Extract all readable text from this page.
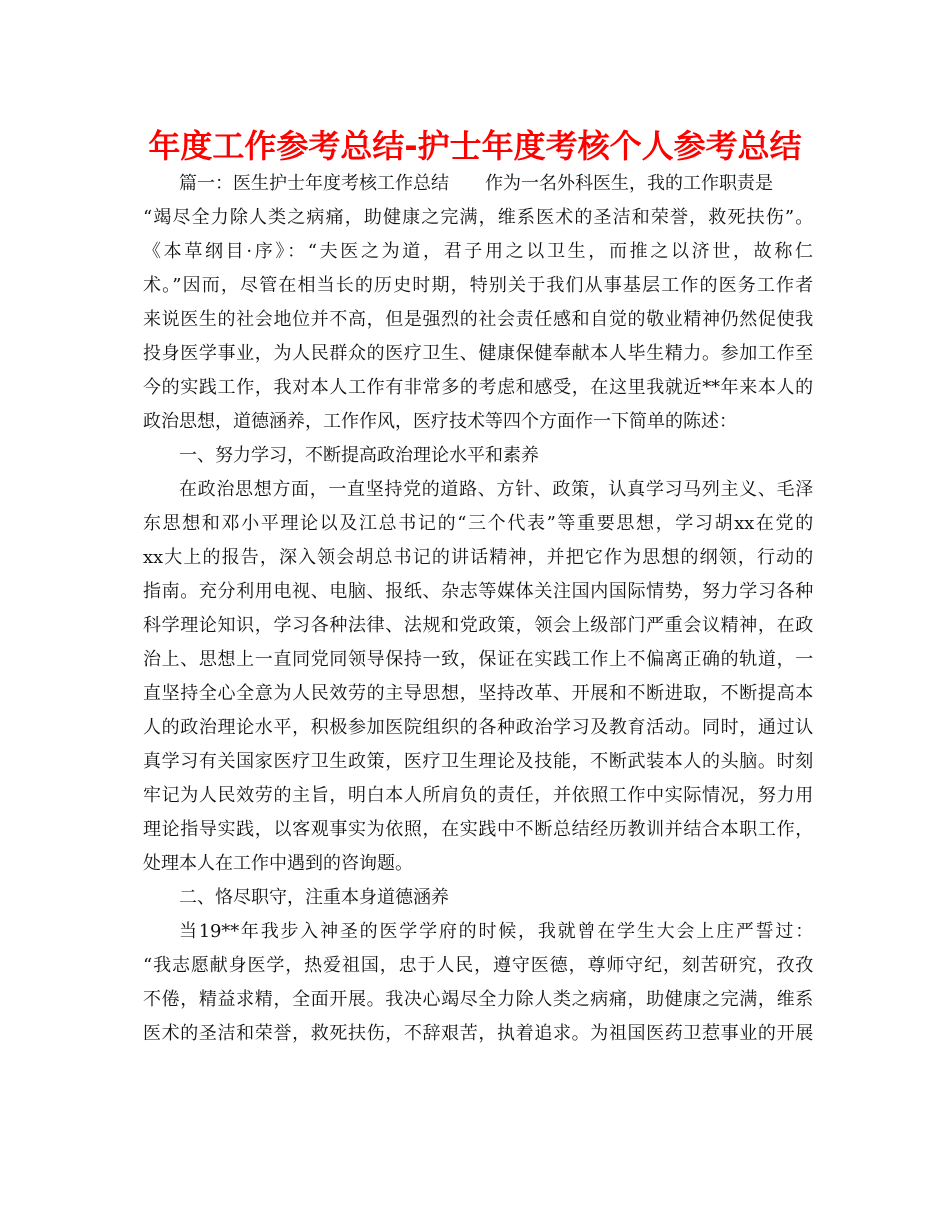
年度工作参考总结-护士年度考核个人参考总结
篇一：医生护士年度考核工作总结　　作为一名外科医生，我的工作职责是
“竭尽全力除人类之病痛，助健康之完满，维系医术的圣洁和荣誉，救死扶伤”。
《本草纲目·序》：“夫医之为道，君子用之以卫生，而推之以济世，故称仁
术。”因而，尽管在相当长的历史时期，特别关于我们从事基层工作的医务工作者
来说医生的社会地位并不高，但是强烈的社会责任感和自觉的敬业精神仍然促使我
投身医学事业，为人民群众的医疗卫生、健康保健奉献本人毕生精力。参加工作至
今的实践工作，我对本人工作有非常多的考虑和感受，在这里我就近**年来本人的
政治思想，道德涵养，工作作风，医疗技术等四个方面作一下简单的陈述：
一、努力学习，不断提高政治理论水平和素养
在政治思想方面，一直坚持党的道路、方针、政策，认真学习马列主义、毛泽
东思想和邓小平理论以及江总书记的“三个代表”等重要思想，学习胡xx在党的
xx大上的报告，深入领会胡总书记的讲话精神，并把它作为思想的纲领，行动的
指南。充分利用电视、电脑、报纸、杂志等媒体关注国内国际情势，努力学习各种
科学理论知识，学习各种法律、法规和党政策，领会上级部门严重会议精神，在政
治上、思想上一直同党同领导保持一致，保证在实践工作上不偏离正确的轨道，一
直坚持全心全意为人民效劳的主导思想，坚持改革、开展和不断进取，不断提高本
人的政治理论水平，积极参加医院组织的各种政治学习及教育活动。同时，通过认
真学习有关国家医疗卫生政策，医疗卫生理论及技能，不断武装本人的头脑。时刻
牢记为人民效劳的主旨，明白本人所肩负的责任，并依照工作中实际情况，努力用
理论指导实践，以客观事实为依照，在实践中不断总结经历教训并结合本职工作，
处理本人在工作中遇到的咨询题。
二、恪尽职守，注重本身道德涵养
当19**年我步入神圣的医学学府的时候，我就曾在学生大会上庄严誓过：
“我志愿献身医学，热爱祖国，忠于人民，遵守医德，尊师守纪，刻苦研究，孜孜
不倦，精益求精，全面开展。我决心竭尽全力除人类之病痛，助健康之完满，维系
医术的圣洁和荣誉，救死扶伤，不辞艰苦，执着追求。为祖国医药卫惹事业的开展
